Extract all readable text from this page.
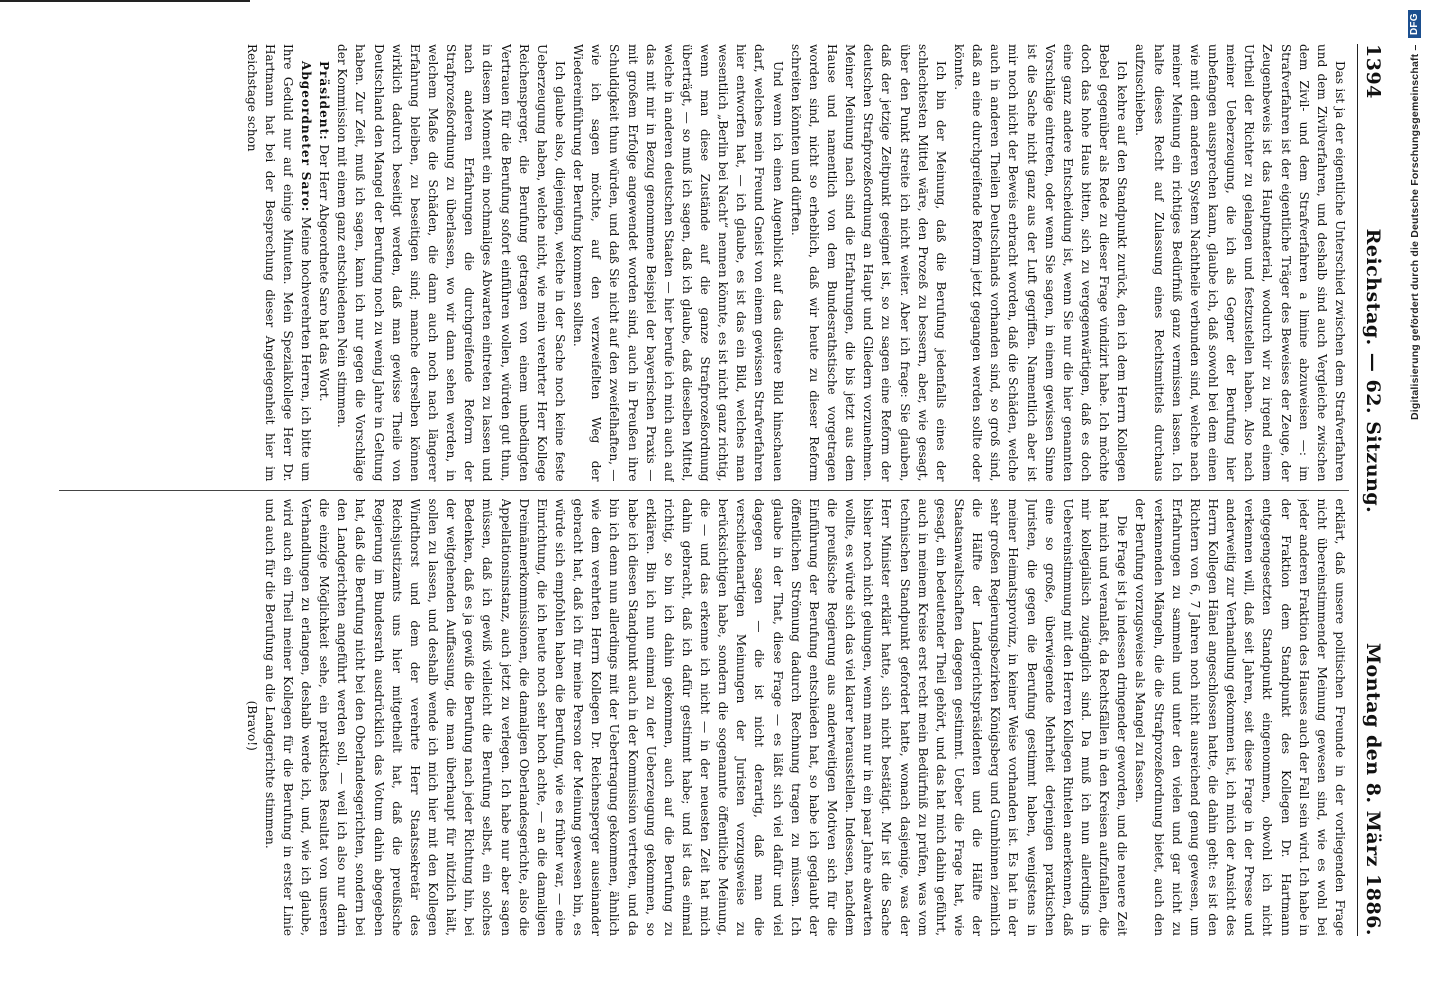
1394
Reichstag. — 62. Sitzung.
Montag den 8. März 1886.

Das ist ja der eigentliche Unterschied zwischen dem Strafverfahren und dem Zivilverfahren, und deshalb sind auch Vergleiche zwischen dem Zivil- und dem Strafverfahren a limine abzuweisen —: im Strafverfahren ist der eigentliche Träger des Beweises der Zeuge, der Zeugenbeweis ist das Hauptmaterial, wodurch wir zu irgend einem Urtheil der Richter zu gelangen und festzustellen haben. Also nach meiner Ueberzeugung, die ich als Gegner der Berufung hier unbefangen aussprechen kann, glaube ich, daß sowohl bei dem einen wie mit dem anderen System Nachtheile verbunden sind, welche nach meiner Meinung ein richtiges Bedürfniß ganz vermissen lassen. Ich halte dieses Recht auf Zulassung eines Rechtsmittels durchaus aufzuschieben.

Ich kehre auf den Standpunkt zurück, den ich dem Herrn Kollegen Bebel gegenüber als Rede zu dieser Frage vindizirt habe. Ich möchte doch das hohe Haus bitten, sich zu vergegenwärtigen, daß es doch eine ganz andere Entscheidung ist, wenn Sie nur die hier genannten Vorschläge eintreten, oder wenn Sie sagen, in einem gewissen Sinne ist die Sache nicht ganz aus der Luft gegriffen. Namentlich aber ist mir noch nicht der Beweis erbracht worden, daß die Schäden, welche auch in anderen Theilen Deutschlands vorhanden sind, so groß sind, daß an eine durchgreifende Reform jetzt gegangen werden sollte oder könnte.

Ich bin der Meinung, daß die Berufung jedenfalls eines der schlechtesten Mittel wäre, den Prozeß zu bessern, aber, wie gesagt, über den Punkt streite ich nicht weiter. Aber ich frage: Sie glauben, daß der jetzige Zeitpunkt geeignet ist, so zu sagen eine Reform der deutschen Strafprozeßordnung an Haupt und Gliedern vorzunehmen. Meiner Meinung nach sind die Erfahrungen, die bis jetzt aus dem Hause und namentlich von dem Bundesrathstische vorgetragen worden sind, nicht so erheblich, daß wir heute zu dieser Reform schreiten könnten und dürften.

Und wenn ich einen Augenblick auf das düstere Bild hinschauen darf, welches mein Freund Gneist von einem gewissen Strafverfahren hier entworfen hat, — ich glaube, es ist das ein Bild, welches man wesentlich „Berlin bei Nacht“ nennen könnte, es ist nicht ganz richtig, wenn man diese Zustände auf die ganze Strafprozeßordnung überträgt, — so muß ich sagen, daß ich glaube, daß dieselben Mittel, welche in anderen deutschen Staaten — hier berufe ich mich auch auf das mit mir in Bezug genommene Beispiel der bayerischen Praxis — mit großem Erfolge angewendet worden sind, auch in Preußen ihre Schuldigkeit thun würden, und daß Sie nicht auf den zweifelhaften, — wie ich sagen möchte, auf den verzweifelten Weg der Wiedereinführung der Berufung kommen sollten.

Ich glaube also, diejenigen, welche in der Sache noch keine feste Ueberzeugung haben, welche nicht, wie mein verehrter Herr Kollege Reichensperger, die Berufung getragen von einem unbedingten Vertrauen für die Berufung sofort einführen wollen, würden gut thun, in diesem Moment ein nochmaliges Abwarten eintreten zu lassen und nach anderen Erfahrungen die durchgreifende Reform der Strafprozeßordnung zu überlassen, wo wir dann sehen werden, in welchem Maße die Schäden, die dann auch noch nach längerer Erfahrung bleiben, zu beseitigen sind; manche derselben können wirklich dadurch beseitigt werden, daß man gewisse Theile von Deutschland den Mangel der Berufung noch zu wenig Jahre in Geltung haben. Zur Zeit, muß ich sagen, kann ich nur gegen die Vorschläge der Kommission mit einem ganz entschiedenen Nein stimmen.

Präsident: Der Herr Abgeordnete Saro hat das Wort.

Abgeordneter Saro: Meine hochverehrten Herren, ich bitte um Ihre Geduld nur auf einige Minuten. Mein Spezialkollege Herr Dr. Hartmann hat bei der Besprechung dieser Angelegenheit hier im Reichstage schon

erklärt, daß unsere politischen Freunde in der vorliegenden Frage nicht übereinstimmender Meinung gewesen sind, wie es wohl bei jeder anderen Fraktion des Hauses auch der Fall sein wird. Ich habe in der Fraktion dem Standpunkt des Kollegen Dr. Hartmann entgegengesetzten Standpunkt eingenommen, obwohl ich nicht verkennen will, daß seit Jahren, seit diese Frage in der Presse und anderweitig zur Verhandlung gekommen ist, ich mich der Ansicht des Herrn Kollegen Hänel angeschlossen hatte, die dahin geht: es ist den Richtern von 6, 7 Jahren noch nicht ausreichend genug gewesen, um Erfahrungen zu sammeln und unter den vielen und gar nicht zu verkennenden Mängeln, die die Strafprozeßordnung bietet, auch den der Berufung vorzugsweise als Mangel zu fassen.

Die Frage ist ja indessen dringender geworden, und die neuere Zeit hat mich und veranlaßt, da Rechtsfällen in den Kreisen aufzufallen, die mir kollegialisch zugänglich sind. Da muß ich nun allerdings in Uebereinstimmung mit den Herren Kollegen Rintelen anerkennen, daß eine so große, überwiegende Mehrheit derjenigen praktischen Juristen, die gegen die Berufung gestimmt haben, wenigstens in meiner Heimatsprovinz, in keiner Weise vorhanden ist. Es hat in der sehr großen Regierungsbezirken Königsberg und Gumbinnen ziemlich die Hälfte der Landgerichtspräsidenten und die Hälfte der Staatsanwaltschaften dagegen gestimmt. Ueber die Frage hat, wie gesagt, ein bedeutender Theil gehört, und das hat mich dahin geführt, auch in meinem Kreise erst recht mein Bedürfniß zu prüfen, was vom technischen Standpunkt gefordert hatte, wonach dasjenige, was der Herr Minister erklärt hatte, sich nicht bestätigt. Mir ist die Sache bisher noch nicht gelungen, wenn man nur in ein paar Jahre abwarten wollte, es würde sich das viel klarer herausstellen. Indessen, nachdem die preußische Regierung aus anderweitigen Motiven sich für die Einführung der Berufung entschieden hat, so habe ich geglaubt der öffentlichen Strömung dadurch Rechnung tragen zu müssen. Ich glaube in der That, diese Frage — es läßt sich viel dafür und viel dagegen sagen — die ist nicht derartig, daß man die verschiedenartigen Meinungen der Juristen vorzugsweise zu berücksichtigen habe, sondern die sogenannte öffentliche Meinung, die — und das erkenne ich nicht — in der neuesten Zeit hat mich dahin gebracht, daß ich dafür gestimmt habe; und ist das einmal richtig, so bin ich dahin gekommen, auch auf die Berufung zu erklären. Bin ich nun einmal zu der Ueberzeugung gekommen, so habe ich diesen Standpunkt auch in der Kommission vertreten, und da bin ich denn nun allerdings mit der Uebertragung gekommen, ähnlich wie dem verehrten Herrn Kollegen Dr. Reichensperger auseinander gebracht hat, daß ich für meine Person der Meinung gewesen bin, es würde sich empfohlen haben die Berufung, wie es früher war, — eine Einrichtung, die ich heute noch sehr hoch achte, — an die damaligen Dreimännerkommissionen, die damaligen Oberlandesgerichte, also die Appellationsinstanz, auch jetzt zu verlegen. Ich habe nur aber sagen müssen, daß ich gewiß vielleicht die Berufung selbst, ein solches Bedenken, daß es ja gewiß die Berufung nach jeder Richtung hin, bei der weitgehenden Auffassung, die man überhaupt für nützlich hält, sollen zu lassen, und deshalb wende ich mich hier mit den Kollegen Windthorst und dem der verehrte Herr Staatssekretär des Reichsjustizamts uns hier mitgetheilt hat, daß die preußische Regierung im Bundesrath ausdrücklich das Votum dahin abgegeben hat, daß die Berufung nicht bei den Oberlandesgerichten, sondern bei den Landgerichten angeführt werden soll, — weil ich also nur darin die einzige Möglichkeit sehe, ein praktisches Resultat von unseren Verhandlungen zu erlangen, deshalb werde ich, und, wie ich glaube, wird auch ein Theil meiner Kollegen für die Berufung in erster Linie und auch für die Berufung an die Landgerichte stimmen.

(Bravo!)

Digitalisierung gefördert durch die Deutsche Forschungsgemeinschaft – DFG
